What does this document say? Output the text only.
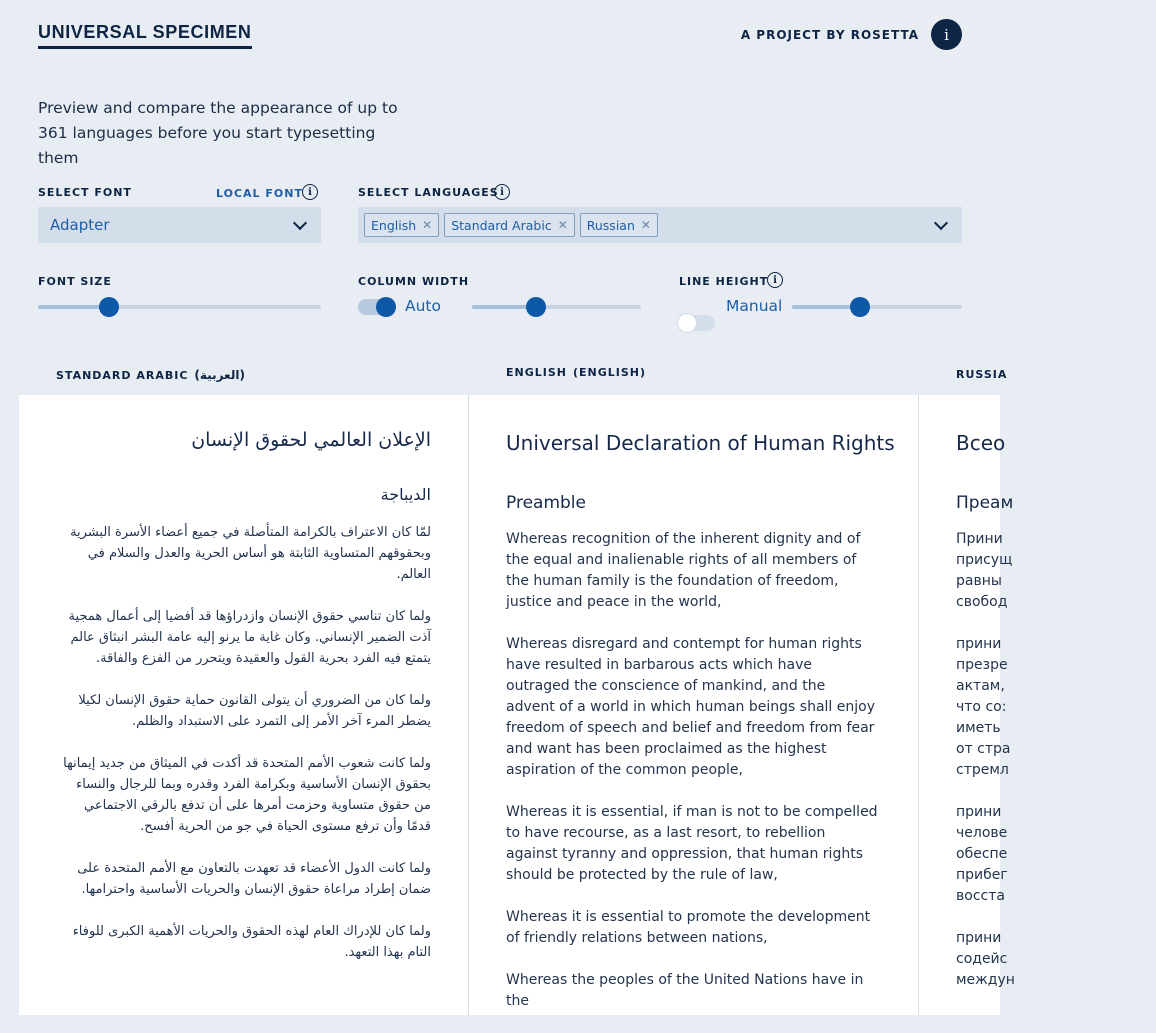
UNIVERSAL SPECIMEN	A PROJECT BY ROSETTA i
Preview and compare the appearance of up to 361 languages before you start typesetting them
SELECT FONT	LOCAL FONT i
Adapter
SELECT LANGUAGES i
English ✕ Standard Arabic ✕ Russian ✕
FONT SIZE	COLUMN WIDTH
Auto
LINE HEIGHT i
Manual
STANDARD ARABIC (العربية)	ENGLISH (ENGLISH)	RUSSIA
الإعلان العالمي لحقوق الإنسان
الديباجة

لمّا كان الاعتراف بالكرامة المتأصلة في جميع أعضاء الأسرة البشرية وبحقوقهم المتساوية الثابتة هو أساس الحرية والعدل والسلام في العالم.

ولما كان تناسي حقوق الإنسان وازدراؤها قد أفضيا إلى أعمال همجية آذت الضمير الإنساني. وكان غاية ما يرنو إليه عامة البشر انبثاق عالم يتمتع فيه الفرد بحرية القول والعقيدة ويتحرر من الفزع والفاقة.

ولما كان من الضروري أن يتولى القانون حماية حقوق الإنسان لكيلا يضطر المرء آخر الأمر إلى التمرد على الاستبداد والظلم.

ولما كانت شعوب الأمم المتحدة قد أكدت في الميثاق من جديد إيمانها بحقوق الإنسان الأساسية وبكرامة الفرد وقدره وبما للرجال والنساء من حقوق متساوية وحزمت أمرها على أن تدفع بالرقي الاجتماعي قدمًا وأن ترفع مستوى الحياة في جو من الحرية أفسح.

ولما كانت الدول الأعضاء قد تعهدت بالتعاون مع الأمم المتحدة على ضمان إطراد مراعاة حقوق الإنسان والحريات الأساسية واحترامها.

ولما كان للإدراك العام لهذه الحقوق والحريات الأهمية الكبرى للوفاء التام بهذا التعهد.

Universal Declaration of Human Rights
Preamble

Whereas recognition of the inherent dignity and of the equal and inalienable rights of all members of the human family is the foundation of freedom, justice and peace in the world,

Whereas disregard and contempt for human rights have resulted in barbarous acts which have outraged the conscience of mankind, and the advent of a world in which human beings shall enjoy freedom of speech and belief and freedom from fear and want has been proclaimed as the highest aspiration of the common people,

Whereas it is essential, if man is not to be compelled to have recourse, as a last resort, to rebellion against tyranny and oppression, that human rights should be protected by the rule of law,

Whereas it is essential to promote the development of friendly relations between nations,

Whereas the peoples of the United Nations have in the

Всео
Преам
Прини
присущ
равны
свобод
прини
презре
актам,
что со:
иметь
от стра
стремл
прини
челове
обеспе
прибег
восста
прини
содейс
междун
